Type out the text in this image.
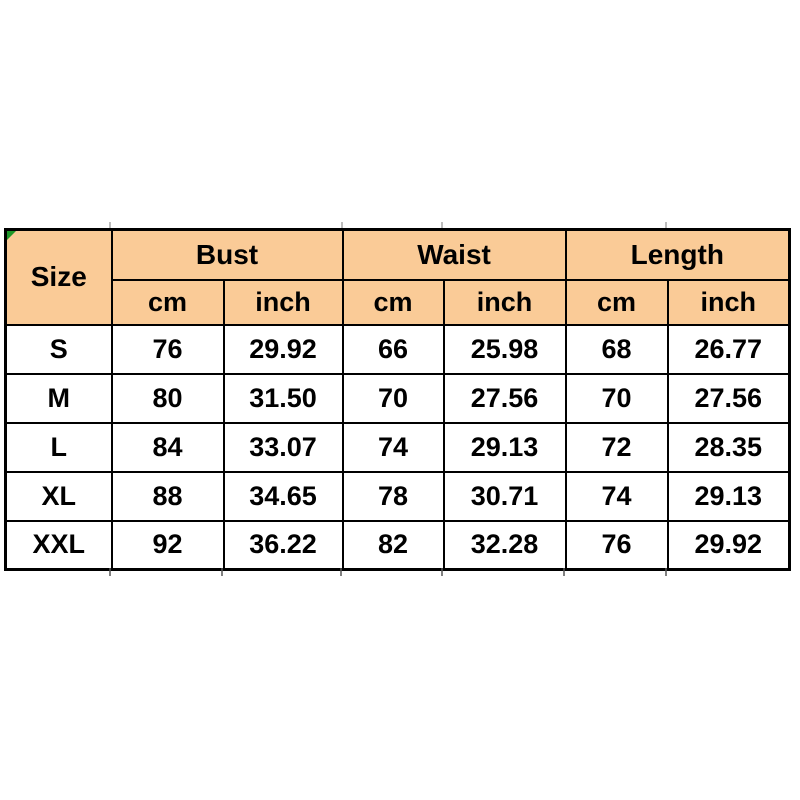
Size	Bust		Waist		Length	
	cm	inch	cm	inch	cm	inch
S	76	29.92	66	25.98	68	26.77
M	80	31.50	70	27.56	70	27.56
L	84	33.07	74	29.13	72	28.35
XL	88	34.65	78	30.71	74	29.13
XXL	92	36.22	82	32.28	76	29.92
